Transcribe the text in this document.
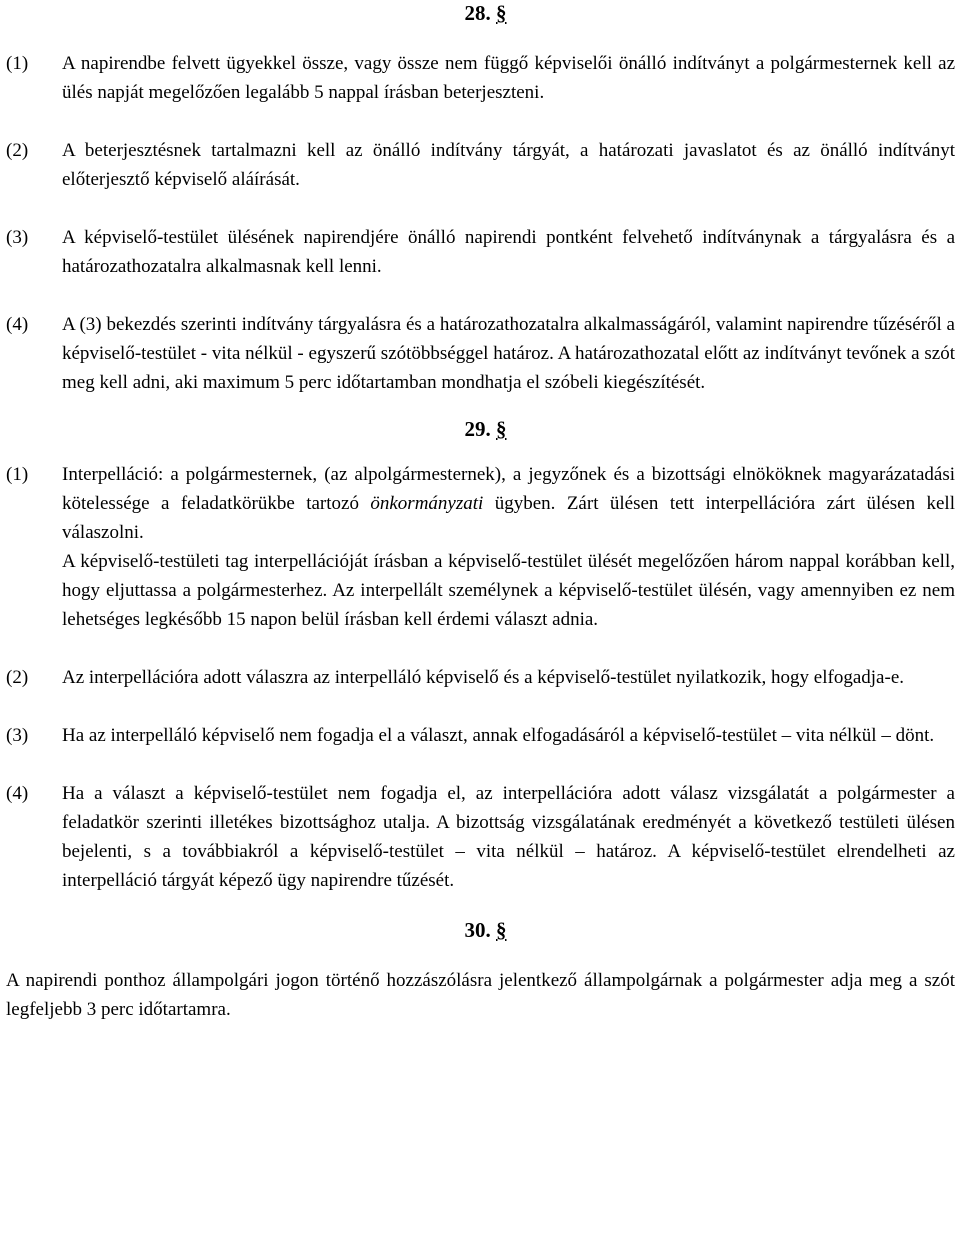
28. §
(1)	A napirendbe felvett ügyekkel össze, vagy össze nem függő képviselői önálló indítványt a polgármesternek kell az ülés napját megelőzően legalább 5 nappal írásban beterjeszteni.
(2)	A beterjesztésnek tartalmazni kell az önálló indítvány tárgyát, a határozati javaslatot és az önálló indítványt előterjesztő képviselő aláírását.
(3)	A képviselő-testület ülésének napirendjére önálló napirendi pontként felvehető indítványnak a tárgyalásra és a határozathozatalra alkalmasnak kell lenni.
(4)	A (3) bekezdés szerinti indítvány tárgyalásra és a határozathozatalra alkalmasságáról, valamint napirendre tűzéséről a képviselő-testület - vita nélkül - egyszerű szótöbbséggel határoz. A határozathozatal előtt az indítványt tevőnek a szót meg kell adni, aki maximum 5 perc időtartamban mondhatja el szóbeli kiegészítését.
29. §
(1)	Interpelláció: a polgármesternek, (az alpolgármesternek), a jegyzőnek és a bizottsági elnököknek magyarázatadási kötelessége a feladatkörükbe tartozó önkormányzati ügyben. Zárt ülésen tett interpellációra zárt ülésen kell válaszolni.
A képviselő-testületi tag interpellációját írásban a képviselő-testület ülését megelőzően három nappal korábban kell, hogy eljuttassa a polgármesterhez. Az interpellált személynek a képviselő-testület ülésén, vagy amennyiben ez nem lehetséges legkésőbb 15 napon belül írásban kell érdemi választ adnia.
(2)	Az interpellációra adott válaszra az interpelláló képviselő és a képviselő-testület nyilatkozik, hogy elfogadja-e.
(3)	Ha az interpelláló képviselő nem fogadja el a választ, annak elfogadásáról a képviselő-testület – vita nélkül – dönt.
(4)	Ha a választ a képviselő-testület nem fogadja el, az interpellációra adott válasz vizsgálatát a polgármester a feladatkör szerinti illetékes bizottsághoz utalja. A bizottság vizsgálatának eredményét a következő testületi ülésen bejelenti, s a továbbiakról a képviselő-testület – vita nélkül – határoz. A képviselő-testület elrendelheti az interpelláció tárgyát képező ügy napirendre tűzését.
30. §
A napirendi ponthoz állampolgári jogon történő hozzászólásra jelentkező állampolgárnak a polgármester adja meg a szót legfeljebb 3 perc időtartamra.
